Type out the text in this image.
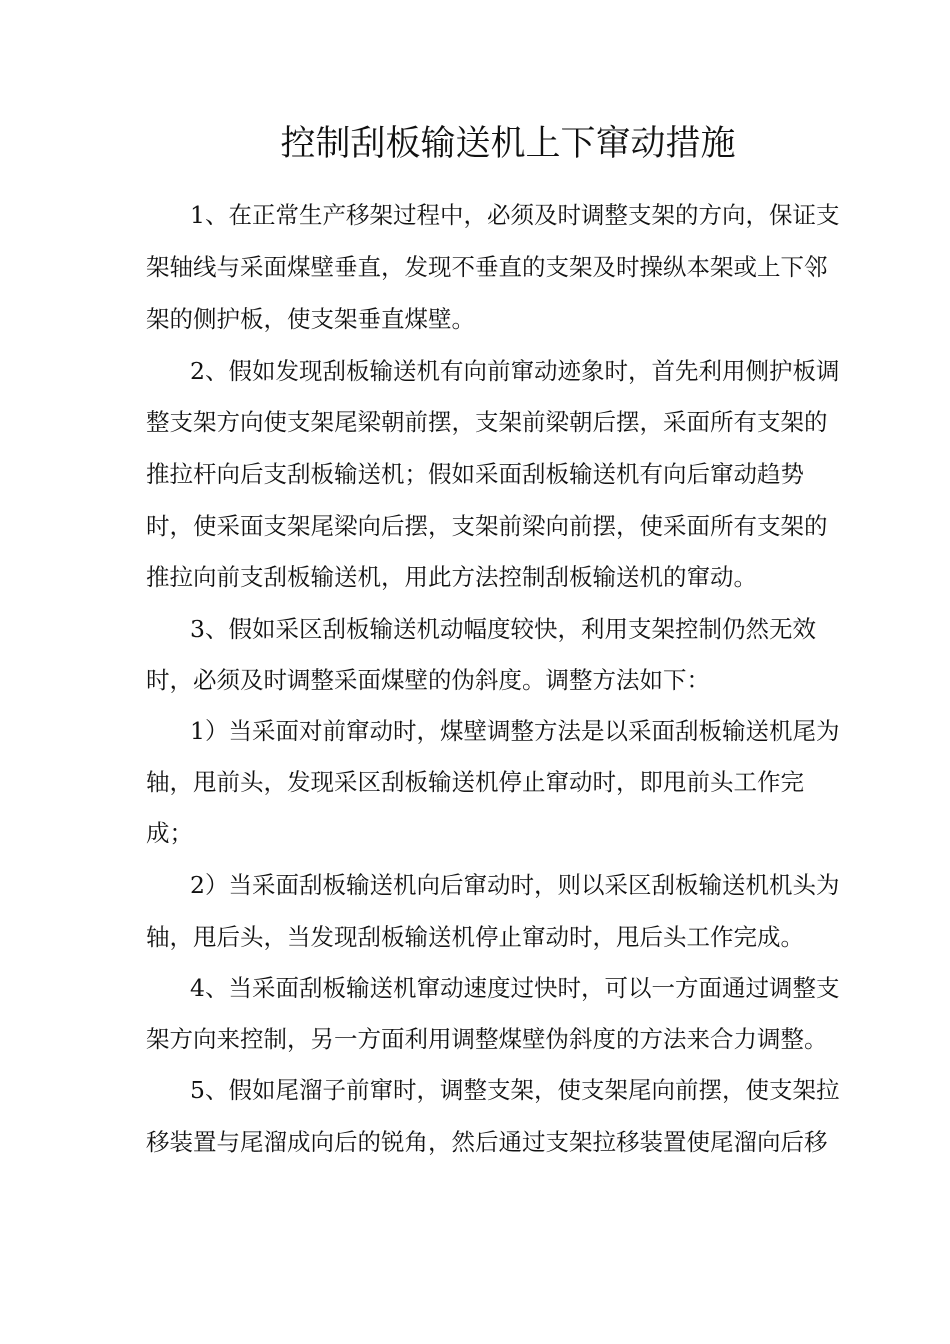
控制刮板输送机上下窜动措施
1、在正常生产移架过程中，必须及时调整支架的方向，保证支
架轴线与采面煤壁垂直，发现不垂直的支架及时操纵本架或上下邻
架的侧护板，使支架垂直煤壁。
2、假如发现刮板输送机有向前窜动迹象时，首先利用侧护板调
整支架方向使支架尾梁朝前摆，支架前梁朝后摆，采面所有支架的
推拉杆向后支刮板输送机；假如采面刮板输送机有向后窜动趋势
时，使采面支架尾梁向后摆，支架前梁向前摆，使采面所有支架的
推拉向前支刮板输送机，用此方法控制刮板输送机的窜动。
3、假如采区刮板输送机动幅度较快，利用支架控制仍然无效
时，必须及时调整采面煤壁的伪斜度。调整方法如下：
1）当采面对前窜动时，煤壁调整方法是以采面刮板输送机尾为
轴，甩前头，发现采区刮板输送机停止窜动时，即甩前头工作完
成；
2）当采面刮板输送机向后窜动时，则以采区刮板输送机机头为
轴，甩后头，当发现刮板输送机停止窜动时，甩后头工作完成。
4、当采面刮板输送机窜动速度过快时，可以一方面通过调整支
架方向来控制，另一方面利用调整煤壁伪斜度的方法来合力调整。
5、假如尾溜子前窜时，调整支架，使支架尾向前摆，使支架拉
移装置与尾溜成向后的锐角，然后通过支架拉移装置使尾溜向后移
